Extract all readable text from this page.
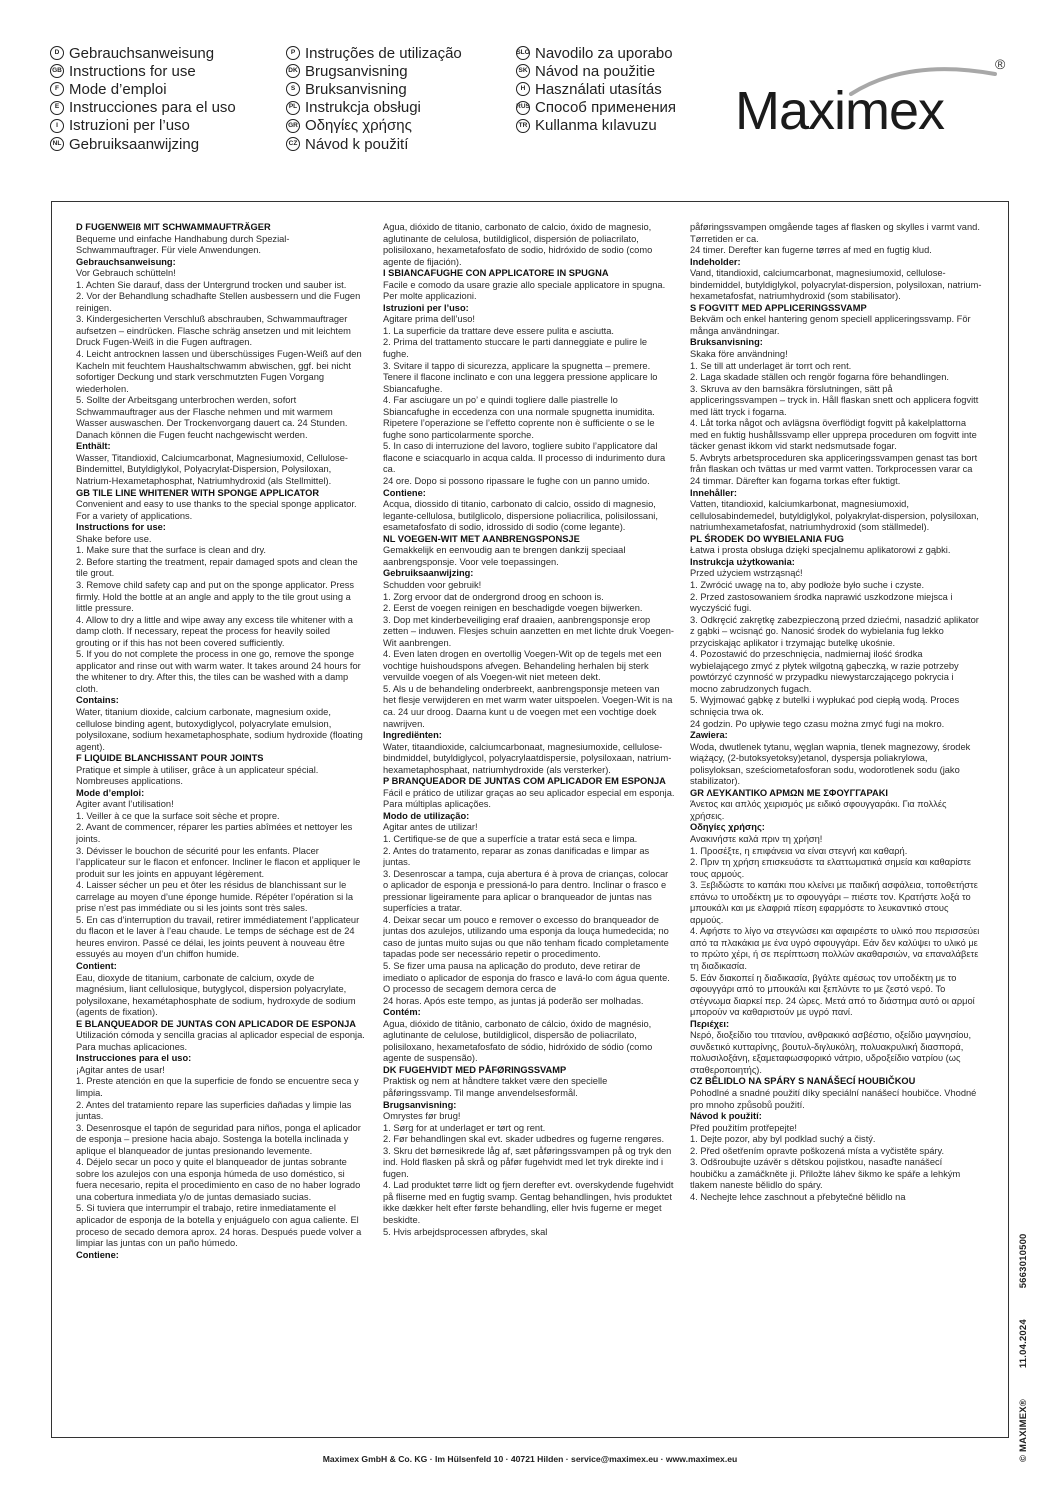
D Gebrauchsanweisung
GB Instructions for use
F Mode d’emploi
E Instrucciones para el uso
I Istruzioni per l’uso
NL Gebruiksaanwijzing
P Instruções de utilização
DK Brugsanvisning
S Bruksanvisning
PL Instrukcja obsługi
GR Οδηγίες χρήσης
CZ Návod k použití
SLO Navodilo za uporabo
SK Návod na použitie
H Használati utasítás
RUS Способ применения
TR Kullanma kılavuzu Maximex
®

D FUGENWEIß MIT SCHWAMMAUFTRÄGER

Bequeme und einfache Handhabung durch Spezial-Schwammauftrager. Für viele Anwendungen.

Gebrauchsanweisung:

Vor Gebrauch schütteln!

1. Achten Sie darauf, dass der Untergrund trocken und sauber ist.

2. Vor der Behandlung schadhafte Stellen ausbessern und die Fugen reinigen.

3. Kindergesicherten Verschluß abschrauben, Schwammauftrager aufsetzen – eindrücken. Flasche schräg ansetzen und mit leichtem Druck Fugen-Weiß in die Fugen auftragen.

4. Leicht antrocknen lassen und überschüssiges Fugen-Weiß auf den Kacheln mit feuchtem Haushaltschwamm abwischen, ggf. bei nicht sofortiger Deckung und stark verschmutzten Fugen Vorgang wiederholen.

5. Sollte der Arbeitsgang unterbrochen werden, sofort Schwammauftrager aus der Flasche nehmen und mit warmem Wasser auswaschen. Der Trockenvorgang dauert ca. 24 Stunden. Danach können die Fugen feucht nachgewischt werden.

Enthält:

Wasser, Titandioxid, Calciumcarbonat, Magnesiumoxid, Cellulose-Bindemittel, Butyldiglykol, Polyacrylat-Dispersion, Polysiloxan, Natrium-Hexametaphosphat, Natriumhydroxid (als Stellmittel).

GB TILE LINE WHITENER WITH SPONGE APPLICATOR

Convenient and easy to use thanks to the special sponge applicator. For a variety of applications.

Instructions for use:

Shake before use.

1. Make sure that the surface is clean and dry.

2. Before starting the treatment, repair damaged spots and clean the tile grout.

3. Remove child safety cap and put on the sponge applicator. Press firmly. Hold the bottle at an angle and apply to the tile grout using a little pressure.

4. Allow to dry a little and wipe away any excess tile whitener with a damp cloth. If necessary, repeat the process for heavily soiled grouting or if this has not been covered sufficiently.

5. If you do not complete the process in one go, remove the sponge applicator and rinse out with warm water. It takes around 24 hours for the whitener to dry. After this, the tiles can be washed with a damp cloth.

Contains:

Water, titanium dioxide, calcium carbonate, magnesium oxide, cellulose binding agent, butoxydiglycol, polyacrylate emulsion, polysiloxane, sodium hexametaphosphate, sodium hydroxide (floating agent).

F LIQUIDE BLANCHISSANT POUR JOINTS

Pratique et simple à utiliser, grâce à un applicateur spécial. Nombreuses applications.

Mode d’emploi:

Agiter avant l’utilisation!

1. Veiller à ce que la surface soit sèche et propre.

2. Avant de commencer, réparer les parties abîmées et nettoyer les joints.

3. Dévisser le bouchon de sécurité pour les enfants. Placer l’applicateur sur le flacon et enfoncer. Incliner le flacon et appliquer le produit sur les joints en appuyant légèrement.

4. Laisser sécher un peu et ôter les résidus de blanchissant sur le carrelage au moyen d’une éponge humide. Répéter l’opération si la prise n’est pas immédiate ou si les joints sont très sales.

5. En cas d’interruption du travail, retirer immédiatement l’applicateur du flacon et le laver à l’eau chaude. Le temps de séchage est de 24 heures environ. Passé ce délai, les joints peuvent à nouveau être essuyés au moyen d’un chiffon humide.

Contient:

Eau, dioxyde de titanium, carbonate de calcium, oxyde de magnésium, liant cellulosique, butyglycol, dispersion polyacrylate, polysiloxane, hexamétaphosphate de sodium, hydroxyde de sodium (agents de fixation).

E BLANQUEADOR DE JUNTAS CON APLICADOR DE ESPONJA

Utilización cómoda y sencilla gracias al aplicador especial de esponja. Para muchas aplicaciones.

Instrucciones para el uso:

¡Agitar antes de usar!

1. Preste atención en que la superficie de fondo se encuentre seca y limpia.

2. Antes del tratamiento repare las superficies dañadas y limpie las juntas.

3. Desenrosque el tapón de seguridad para niños, ponga el aplicador de esponja – presione hacia abajo. Sostenga la botella inclinada y aplique el blanqueador de juntas presionando levemente.

4. Déjelo secar un poco y quite el blanqueador de juntas sobrante sobre los azulejos con una esponja húmeda de uso doméstico, si fuera necesario, repita el procedimiento en caso de no haber logrado una cobertura inmediata y/o de juntas demasiado sucias.

5. Si tuviera que interrumpir el trabajo, retire inmediatamente el aplicador de esponja de la botella y enjuáguelo con agua caliente. El proceso de secado demora aprox. 24 horas. Después puede volver a limpiar las juntas con un paño húmedo.

Contiene:

Agua, dióxido de titanio, carbonato de calcio, óxido de magnesio, aglutinante de celulosa, butildiglicol, dispersión de poliacrilato, polisiloxano, hexametafosfato de sodio, hidróxido de sodio (como agente de fijación).

I SBIANCAFUGHE CON APPLICATORE IN SPUGNA

Facile e comodo da usare grazie allo speciale applicatore in spugna. Per molte applicazioni.

Istruzioni per l’uso:

Agitare prima dell’uso!

1. La superficie da trattare deve essere pulita e asciutta.

2. Prima del trattamento stuccare le parti danneggiate e pulire le fughe.

3. Svitare il tappo di sicurezza, applicare la spugnetta – premere. Tenere il flacone inclinato e con una leggera pressione applicare lo Sbiancafughe.

4. Far asciugare un po’ e quindi togliere dalle piastrelle lo Sbiancafughe in eccedenza con una normale spugnetta inumidita. Ripetere l’operazione se l’effetto coprente non è sufficiente o se le fughe sono particolarmente sporche.

5. In caso di interruzione del lavoro, togliere subito l’applicatore dal flacone e sciacquarlo in acqua calda. Il processo di indurimento dura ca.

24 ore. Dopo si possono ripassare le fughe con un panno umido.

Contiene:

Acqua, diossido di titanio, carbonato di calcio, ossido di magnesio, legante-cellulosa, butilglicolo, dispersione poliacrilica, polisilossani, esametafosfato di sodio, idrossido di sodio (come legante).

NL VOEGEN-WIT MET AANBRENGSPONSJE

Gemakkelijk en eenvoudig aan te brengen dankzij speciaal aanbrengsponsje. Voor vele toepassingen.

Gebruiksaanwijzing:

Schudden voor gebruik!

1. Zorg ervoor dat de ondergrond droog en schoon is.

2. Eerst de voegen reinigen en beschadigde voegen bijwerken.

3. Dop met kinderbeveiliging eraf draaien, aanbrengsponsje erop zetten – induwen. Flesjes schuin aanzetten en met lichte druk Voegen-Wit aanbrengen.

4. Even laten drogen en overtollig Voegen-Wit op de tegels met een vochtige huishoudspons afvegen. Behandeling herhalen bij sterk vervuilde voegen of als Voegen-wit niet meteen dekt.

5. Als u de behandeling onderbreekt, aanbrengsponsje meteen van het flesje verwijderen en met warm water uitspoelen. Voegen-Wit is na ca. 24 uur droog. Daarna kunt u de voegen met een vochtige doek nawrijven.

Ingrediënten:

Water, titaandioxide, calciumcarbonaat, magnesiumoxide, cellulose-bindmiddel, butyldiglycol, polyacrylaatdispersie, polysiloxaan, natrium-hexametaphosphaat, natriumhydroxide (als versterker).

P BRANQUEADOR DE JUNTAS COM APLICADOR EM ESPONJA

Fácil e prático de utilizar graças ao seu aplicador especial em esponja. Para múltiplas aplicações.

Modo de utilização:

Agitar antes de utilizar!

1. Certifique-se de que a superfície a tratar está seca e limpa.

2. Antes do tratamento, reparar as zonas danificadas e limpar as juntas.

3. Desenroscar a tampa, cuja abertura é à prova de crianças, colocar o aplicador de esponja e pressioná-lo para dentro. Inclinar o frasco e pressionar ligeiramente para aplicar o branqueador de juntas nas superfícies a tratar.

4. Deixar secar um pouco e remover o excesso do branqueador de juntas dos azulejos, utilizando uma esponja da louça humedecida; no caso de juntas muito sujas ou que não tenham ficado completamente tapadas pode ser necessário repetir o procedimento.

5. Se fizer uma pausa na aplicação do produto, deve retirar de imediato o aplicador de esponja do frasco e lavá-lo com água quente. O processo de secagem demora cerca de

24 horas. Após este tempo, as juntas já poderão ser molhadas.

Contém:

Agua, dióxido de titânio, carbonato de cálcio, óxido de magnésio, aglutinante de celulose, butildiglicol, dispersão de poliacrilato, polisiloxano, hexametafosfato de sódio, hidróxido de sódio (como agente de suspensão).

DK FUGEHVIDT MED PÅFØRINGSSVAMP

Praktisk og nem at håndtere takket være den specielle påføringssvamp. Til mange anvendelsesformål.

Brugsanvisning:

Omrystes før brug!

1. Sørg for at underlaget er tørt og rent.

2. Før behandlingen skal evt. skader udbedres og fugerne rengøres.

3. Skru det børnesikrede låg af, sæt påføringssvampen på og tryk den ind. Hold flasken på skrå og påfør fugehvidt med let tryk direkte ind i fugen.

4. Lad produktet tørre lidt og fjern derefter evt. overskydende fugehvidt på fliserne med en fugtig svamp. Gentag behandlingen, hvis produktet ikke dækker helt efter første behandling, eller hvis fugerne er meget beskidte.

5. Hvis arbejdsprocessen afbrydes, skal

påføringssvampen omgående tages af flasken og skylles i varmt vand. Tørretiden er ca.

24 timer. Derefter kan fugerne tørres af med en fugtig klud.

Indeholder:

Vand, titandioxid, calciumcarbonat, magnesiumoxid, cellulose-bindemiddel, butyldiglykol, polyacrylat-dispersion, polysiloxan, natrium-hexametafosfat, natriumhydroxid (som stabilisator).

S FOGVITT MED APPLICERINGSSVAMP

Bekväm och enkel hantering genom speciell appliceringssvamp. För många användningar.

Bruksanvisning:

Skaka före användning!

1. Se till att underlaget är torrt och rent.

2. Laga skadade ställen och rengör fogarna före behandlingen.

3. Skruva av den barnsäkra förslutningen, sätt på appliceringssvampen – tryck in. Håll flaskan snett och applicera fogvitt med lätt tryck i fogarna.

4. Låt torka något och avlägsna överflödigt fogvitt på kakelplattorna med en fuktig hushållssvamp eller upprepa proceduren om fogvitt inte täcker genast ikkom vid starkt nedsmutsade fogar.

5. Avbryts arbetsproceduren ska appliceringssvampen genast tas bort från flaskan och tvättas ur med varmt vatten. Torkprocessen varar ca 24 timmar. Därefter kan fogarna torkas efter fuktigt.

Innehåller:

Vatten, titandioxid, kalciumkarbonat, magnesiumoxid, cellulosabindemedel, butyldiglykol, polyakrylat-dispersion, polysiloxan, natriumhexametafosfat, natriumhydroxid (som ställmedel).

PL ŚRODEK DO WYBIELANIA FUG

Łatwa i prosta obsługa dzięki specjalnemu aplikatorowi z gąbki.

Instrukcja użytkowania:

Przed użyciem wstrząsnąć!

1. Zwrócić uwagę na to, aby podłoże było suche i czyste.

2. Przed zastosowaniem środka naprawić uszkodzone miejsca i wyczyścić fugi.

3. Odkręcić zakrętkę zabezpieczoną przed dziećmi, nasadzić aplikator z gąbki – wcisnąć go. Nanosić środek do wybielania fug lekko przyciskając aplikator i trzymając butelkę ukośnie.

4. Pozostawić do przeschnięcia, nadmiernaj ilość środka wybielającego zmyć z płytek wilgotną gąbeczką, w razie potrzeby powtórzyć czynność w przypadku niewystarczającego pokrycia i mocno zabrudzonych fugach.

5. Wyjmować gąbkę z butelki i wypłukać pod ciepłą wodą. Proces schnięcia trwa ok.

24 godzin. Po upływie tego czasu można zmyć fugi na mokro.

Zawiera:

Woda, dwutlenek tytanu, węglan wapnia, tlenek magnezowy, środek wiążący, (2-butoksyetoksy)etanol, dyspersja poliakrylowa, polisyloksan, sześciometafosforan sodu, wodorotlenek sodu (jako stabilizator).

GR ΛΕΥΚΑΝΤΙΚΟ ΑΡΜΩΝ ΜΕ ΣΦΟΥΓΓΑΡΑΚΙ

Άνετος και απλός χειρισμός με ειδικό σφουγγαράκι. Για πολλές χρήσεις.

Οδηγίες χρήσης:

Ανακινήστε καλά πριν τη χρήση!

1. Προσέξτε, η επιφάνεια να είναι στεγνή και καθαρή.

2. Πριν τη χρήση επισκευάστε τα ελαττωματικά σημεία και καθαρίστε τους αρμούς.

3. Ξεβιδώστε το καπάκι που κλείνει με παιδική ασφάλεια, τοποθετήστε επάνω το υποδέκτη με το σφουγγάρι – πιέστε τον. Κρατήστε λοξά το μπουκάλι και με ελαφριά πίεση εφαρμόστε το λευκαντικό στους αρμούς.

4. Αφήστε το λίγο να στεγνώσει και αφαιρέστε το υλικό που περισσεύει από τα πλακάκια με ένα υγρό σφουγγάρι. Εάν δεν καλύψει το υλικό με το πρώτο χέρι, ή σε περίπτωση πολλών ακαθαρσιών, να επαναλάβετε τη διαδικασία.

5. Εάν διακοπεί η διαδικασία, βγάλτε αμέσως τον υποδέκτη με το σφουγγάρι από το μπουκάλι και ξεπλύντε το με ζεστό νερό. Το στέγνωμα διαρκεί περ. 24 ώρες. Μετά από το διάστημα αυτό οι αρμοί μπορούν να καθαριστούν με υγρό πανί.

Περιέχει:

Νερό, διοξείδιο του τιτανίου, ανθρακικό ασβέστιο, οξείδιο μαγνησίου, συνδετικό κυτταρίνης, βουτυλ-διγλυκόλη, πολυακρυλική διασπορά, πολυσιλοξάνη, εξαμεταφωσφορικό νάτριο, υδροξείδιο νατρίου (ως σταθεροποιητής).

CZ BĚLIDLO NA SPÁRY S NANÁŠECÍ HOUBIČKOU

Pohodlné a snadné použití díky speciální nanášecí houbičce. Vhodné pro mnoho způsobů použití.

Návod k použití:

Před použitím protřepejte!

1. Dejte pozor, aby byl podklad suchý a čistý.

2. Před ošetřením opravte poškozená místa a vyčistěte spáry.

3. Odšroubujte uzávěr s dětskou pojistkou, nasaďte nanášecí houbičku a zamáčkněte ji. Přiložte láhev šikmo ke spáře a lehkým tlakem naneste bělidlo do spáry.

4. Nechejte lehce zaschnout a přebytečné bělidlo na

Maximex GmbH & Co. KG · Im Hülsenfeld 10 · 40721 Hilden · service@maximex.eu · www.maximex.eu	© MAXIMEX® 11.04.2024 5663010500
